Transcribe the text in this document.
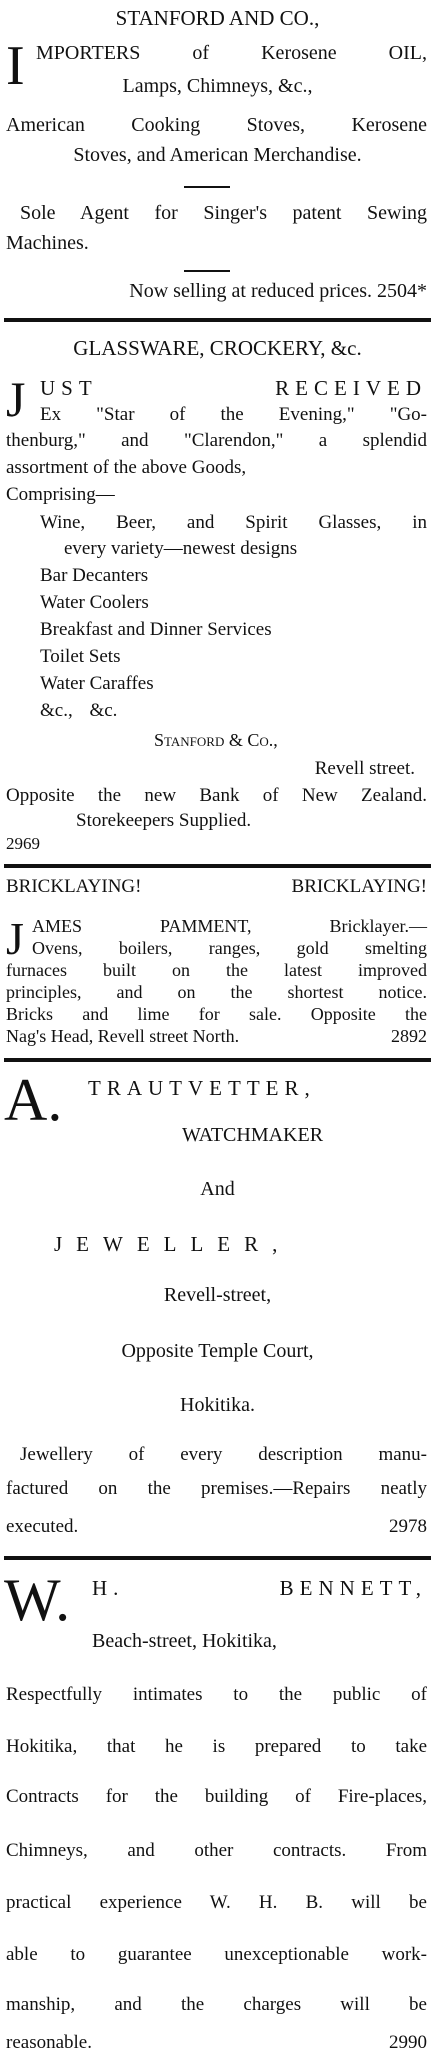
STANFORD AND CO.,
I MPORTERS of Kerosene OIL,
Lamps, Chimneys, &c.,
American Cooking Stoves, Kerosene
Stoves, and American Merchandise.
Sole Agent for Singer's patent Sewing
Machines.
Now selling at reduced prices. 2504*
GLASSWARE, CROCKERY, &c.
J UST RECEIVED
Ex "Star of the Evening," "Go-
thenburg," and "Clarendon," a splendid
assortment of the above Goods,
Comprising—
Wine, Beer, and Spirit Glasses, in
every variety—newest designs
Bar Decanters
Water Coolers
Breakfast and Dinner Services
Toilet Sets
Water Caraffes
&c., &c.
Stanford & Co.,
Revell street.
Opposite the new Bank of New Zealand.
Storekeepers Supplied.
2969
BRICKLAYING! BRICKLAYING!
J AMES PAMMENT, Bricklayer.—
Ovens, boilers, ranges, gold smelting
furnaces built on the latest improved
principles, and on the shortest notice.
Bricks and lime for sale. Opposite the
Nag's Head, Revell street North.	2892
A. TRAUTVETTER,
WATCHMAKER
And
JEWELLER,
Revell-street,
Opposite Temple Court,
Hokitika.
Jewellery of every description manu-
factured on the premises.—Repairs neatly
executed.	2978
W. H. BENNETT,
Beach-street, Hokitika,
Respectfully intimates to the public of
Hokitika, that he is prepared to take
Contracts for the building of Fire-places,
Chimneys, and other contracts. From
practical experience W. H. B. will be
able to guarantee unexceptionable work-
manship, and the charges will be
reasonable.	2990
